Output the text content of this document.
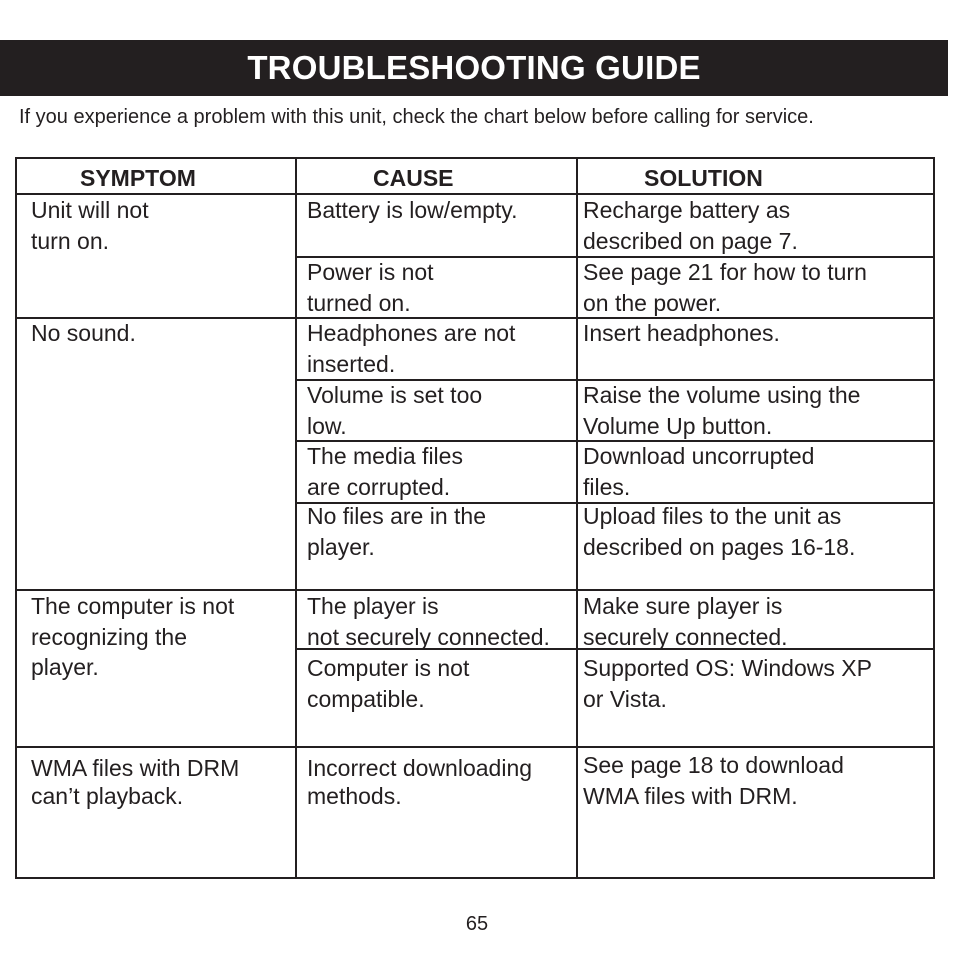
TROUBLESHOOTING GUIDE
If you experience a problem with this unit, check the chart below before calling for service.
SYMPTOM	CAUSE	SOLUTION
Unit will not
turn on.
No sound.
The computer is not
recognizing the
player.
WMA files with DRM
can’t playback.
Battery is low/empty.
Power is not
turned on.
Headphones are not
inserted.
Volume is set too
low.
The media files
are corrupted.
No files are in the
player.
The player is
not securely connected.
Computer is not
compatible.
Incorrect downloading
methods.
Recharge battery as
described on page 7.
See page 21 for how to turn
on the power.
Insert headphones.
Raise the volume using the
Volume Up button.
Download uncorrupted
files.
Upload files to the unit as
described on pages 16-18.
Make sure player is
securely connected.
Supported OS: Windows XP
or Vista.
See page 18 to download
WMA files with DRM.
65
